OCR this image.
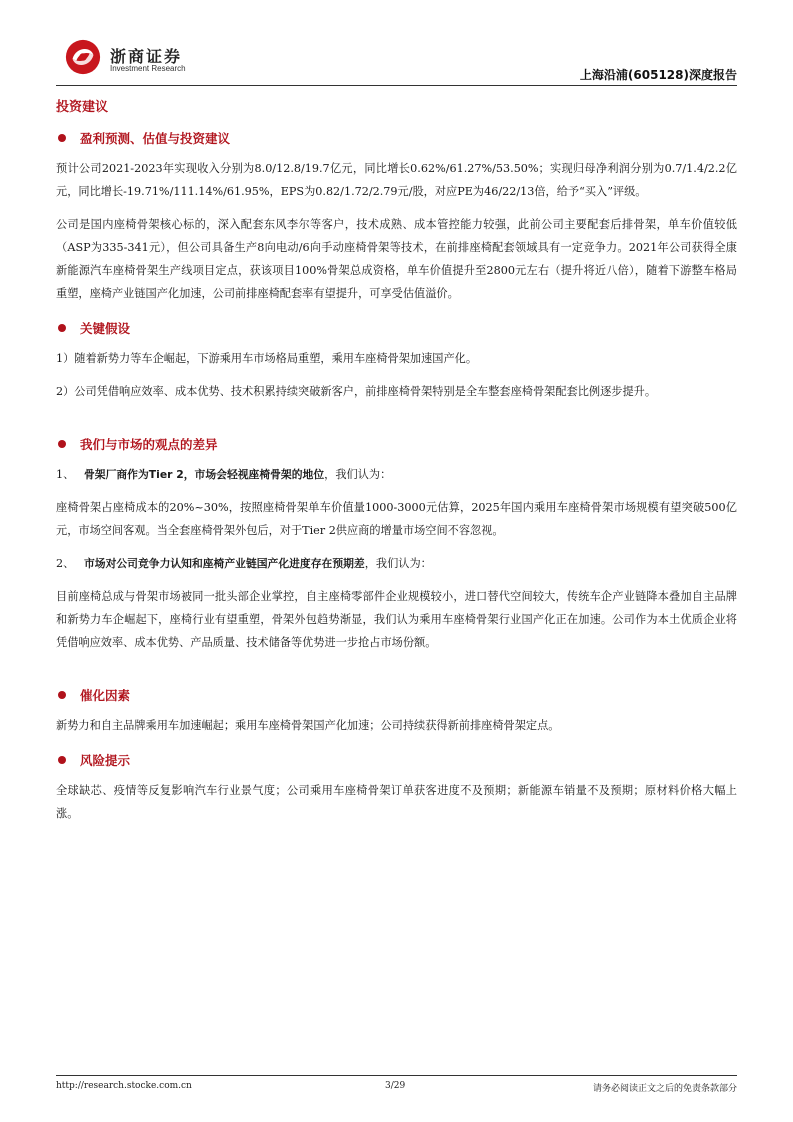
浙商证券
Investment Research	上海沿浦(605128)深度报告
投资建议
盈利预测、估值与投资建议

预计公司2021-2023年实现收入分别为8.0/12.8/19.7亿元，同比增长0.62%/61.27%/53.50%；实现归母净利润分别为0.7/1.4/2.2亿元，同比增长-19.71%/111.14%/61.95%，EPS为0.82/1.72/2.79元/股，对应PE为46/22/13倍，给予“买入”评级。

公司是国内座椅骨架核心标的，深入配套东风李尔等客户，技术成熟、成本管控能力较强，此前公司主要配套后排骨架，单车价值较低（ASP为335-341元），但公司具备生产8向电动/6向手动座椅骨架等技术，在前排座椅配套领域具有一定竞争力。2021年公司获得全康新能源汽车座椅骨架生产线项目定点，获该项目100%骨架总成资格，单车价值提升至2800元左右（提升将近八倍），随着下游整车格局重塑，座椅产业链国产化加速，公司前排座椅配套率有望提升，可享受估值溢价。

关键假设

1）随着新势力等车企崛起，下游乘用车市场格局重塑，乘用车座椅骨架加速国产化。

2）公司凭借响应效率、成本优势、技术积累持续突破新客户，前排座椅骨架特别是全车整套座椅骨架配套比例逐步提升。

我们与市场的观点的差异
1、 骨架厂商作为Tier 2，市场会轻视座椅骨架的地位，我们认为：

座椅骨架占座椅成本的20%~30%，按照座椅骨架单车价值量1000-3000元估算，2025年国内乘用车座椅骨架市场规模有望突破500亿元，市场空间客观。当全套座椅骨架外包后，对于Tier 2供应商的增量市场空间不容忽视。

2、 市场对公司竞争力认知和座椅产业链国产化进度存在预期差，我们认为：

目前座椅总成与骨架市场被同一批头部企业掌控，自主座椅零部件企业规模较小，进口替代空间较大，传统车企产业链降本叠加自主品牌和新势力车企崛起下，座椅行业有望重塑，骨架外包趋势渐显，我们认为乘用车座椅骨架行业国产化正在加速。公司作为本土优质企业将凭借响应效率、成本优势、产品质量、技术储备等优势进一步抢占市场份额。

催化因素

新势力和自主品牌乘用车加速崛起；乘用车座椅骨架国产化加速；公司持续获得新前排座椅骨架定点。

风险提示

全球缺芯、疫情等反复影响汽车行业景气度；公司乘用车座椅骨架订单获客进度不及预期；新能源车销量不及预期；原材料价格大幅上涨。

http://research.stocke.com.cn	3/29	请务必阅读正文之后的免责条款部分
